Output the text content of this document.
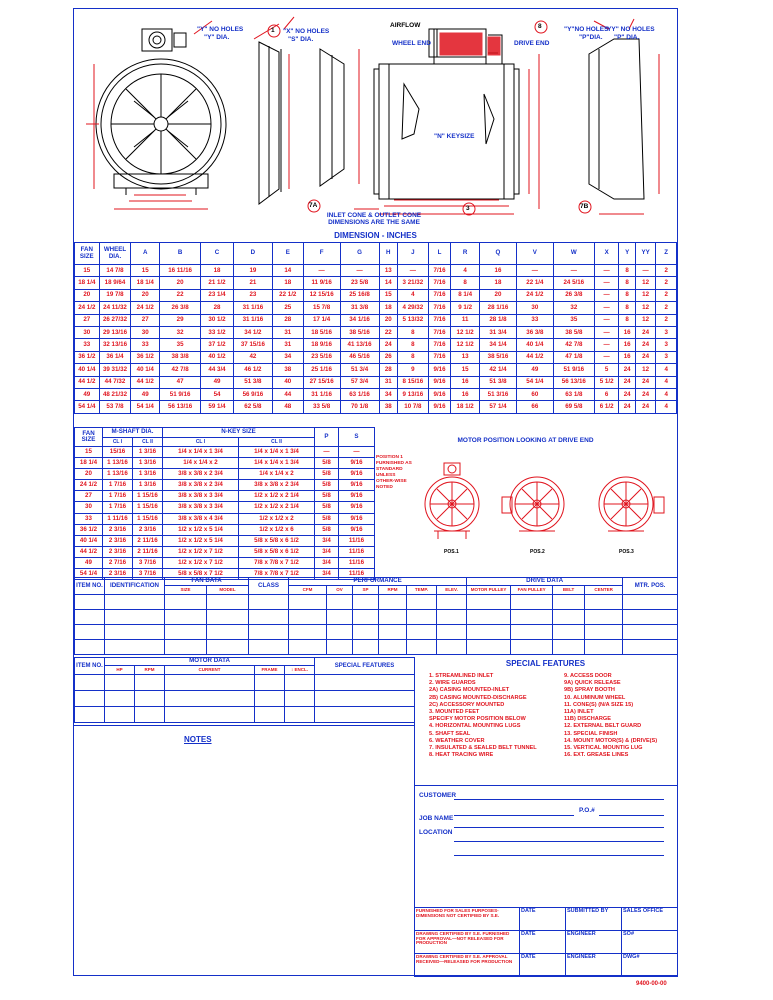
"Y" NO HOLES
"Y" DIA.
"X" NO HOLES
"S" DIA.
AIRFLOW
WHEEL END	DRIVE END
"N" KEYSIZE
INLET CONE & OUTLET CONE DIMENSIONS ARE THE SAME
"Y"NO HOLES
"P"DIA.
"YY" NO HOLES
"P" DIA.
1
8
3
7A	7B
DIMENSION - INCHES
FAN SIZE	WHEEL DIA.	A	B	C	D	E	F	G	H	J	L	R	Q	V	W	X	Y	YY	Z
15	14 7/8	15	16 11/16	18	19	14	—	—	13	—	7/16	4	16	—	—	—	8	—	2
18 1/4	18 9/64	18 1/4	20	21 1/2	21	18	11 9/16	23 5/8	14	3 21/32	7/16	8	18	22 1/4	24 5/16	—	8	12	2
20	19 7/8	20	22	23 1/4	23	22 1/2	12 15/16	25 16/8	15	4	7/16	8 1/4	20	24 1/2	26 3/8	—	8	12	2
24 1/2	24 11/32	24 1/2	26 3/8	28	31 1/16	25	15 7/8	31 3/8	18	4 29/32	7/16	9 1/2	28 1/16	30	32	—	8	12	2
27	26 27/32	27	29	30 1/2	31 1/16	28	17 1/4	34 1/16	20	5 13/32	7/16	11	28 1/8	33	35	—	8	12	2
30	29 13/16	30	32	33 1/2	34 1/2	31	18 5/16	38 5/16	22	8	7/16	12 1/2	31 3/4	36 3/8	38 5/8	—	16	24	3
33	32 13/16	33	35	37 1/2	37 15/16	31	18 9/16	41 13/16	24	8	7/16	12 1/2	34 1/4	40 1/4	42 7/8	—	16	24	3
36 1/2	36 1/4	36 1/2	38 3/8	40 1/2	42	34	23 5/16	46 5/16	26	8	7/16	13	38 5/16	44 1/2	47 1/8	—	16	24	3
40 1/4	39 31/32	40 1/4	42 7/8	44 3/4	46 1/2	38	25 1/16	51 3/4	28	9	9/16	15	42 1/4	49	51 9/16	5	24	12	4
44 1/2	44 7/32	44 1/2	47	49	51 3/8	40	27 15/16	57 3/4	31	8 15/16	9/16	16	51 3/8	54 1/4	56 13/16	5 1/2	24	24	4
49	48 21/32	49	51 9/16	54	56 9/16	44	31 1/16	63 1/16	34	9 13/16	9/16	16	51 3/16	60	63 1/8	6	24	24	4
54 1/4	53 7/8	54 1/4	56 13/16	59 1/4	62 5/8	48	33 5/8	70 1/8	38	10 7/8	9/16	18 1/2	57 1/4	66	69 5/8	6 1/2	24	24	4
FAN SIZE	M-SHAFT DIA.		N-KEY SIZE		P	S
	CL I	CL II	CL I	CL II		
15	15/16	1 3/16	1/4 x 1/4 x 1 3/4	1/4 x 1/4 x 1 3/4	—	—
18 1/4	1 13/16	1 3/16	1/4 x 1/4 x 2	1/4 x 1/4 x 1 3/4	5/8	9/16
20	1 13/16	1 3/16	3/8 x 3/8 x 2 3/4	1/4 x 1/4 x 2	5/8	9/16
24 1/2	1 7/16	1 3/16	3/8 x 3/8 x 2 3/4	3/8 x 3/8 x 2 3/4	5/8	9/16
27	1 7/16	1 15/16	3/8 x 3/8 x 3 3/4	1/2 x 1/2 x 2 1/4	5/8	9/16
30	1 7/16	1 15/16	3/8 x 3/8 x 3 3/4	1/2 x 1/2 x 2 1/4	5/8	9/16
33	1 11/16	1 15/16	3/8 x 3/8 x 4 3/4	1/2 x 1/2 x 2	5/8	9/16
36 1/2	2 3/16	2 3/16	1/2 x 1/2 x 5 1/4	1/2 x 1/2 x 6	5/8	9/16
40 1/4	2 3/16	2 11/16	1/2 x 1/2 x 5 1/4	5/8 x 5/8 x 6 1/2	3/4	11/16
44 1/2	2 3/16	2 11/16	1/2 x 1/2 x 7 1/2	5/8 x 5/8 x 6 1/2	3/4	11/16
49	2 7/16	3 7/16	1/2 x 1/2 x 7 1/2	7/8 x 7/8 x 7 1/2	3/4	11/16
54 1/4	2 3/16	3 7/16	5/8 x 5/8 x 7 1/2	7/8 x 7/8 x 7 1/2	3/4	11/16
MOTOR POSITION LOOKING AT DRIVE END
POSITION 1
FURNISHED AS
STANDARD
UNLESS
OTHER-WISE
NOTED
POS.1	POS.2	POS.3
ITEM NO.	IDENTIFICATION	FAN DATA		CLASS	PERFORMANCE						DRIVE DATA				MTR. POS.
		SIZE	MODEL		CFM	OV	SP	RPM	TEMP.	ELEV.	MOTOR PULLEY	FAN PULLEY	BELT	CENTER	

ITEM NO.	MOTOR DATA					SPECIAL FEATURES
	HP	RPM	CURRENT	FRAME	↕ ENCL.	

NOTES
SPECIAL FEATURES
1. STREAMLINED INLET
2. WIRE GUARDS
2A) CASING MOUNTED-INLET
2B) CASING MOUNTED-DISCHARGE
2C) ACCESSORY MOUNTED
3. MOUNTED FEET
SPECIFY MOTOR POSITION BELOW
4. HORIZONTAL MOUNTING LUGS
5. SHAFT SEAL
6. WEATHER COVER
7. INSULATED & SEALED BELT TUNNEL
8. HEAT TRACING WIRE
9. ACCESS DOOR
9A) QUICK RELEASE
9B) SPRAY BOOTH
10. ALUMINUM WHEEL
11. CONE(S) (N/A SIZE 15)
11A) INLET
11B) DISCHARGE
12. EXTERNAL BELT GUARD
13. SPECIAL FINISH
14. MOUNT MOTOR(S) & (DRIVE(S)
15. VERTICAL MOUNTIG LUG
16. EXT. GREASE LINES
CUSTOMER
P.O.#
JOB NAME
LOCATION
FURNISHED FOR SALES PURPOSES-DIMENSIONS NOT CERTIFIED BY S.E.	DATE	SUBMITTED BY	SALES OFFICE
DRAWING CERTIFIED BY S.E. FURNISHED FOR APPROVAL—NOT RELEASED FOR PRODUCTION	DATE	ENGINEER	SO#
DRAWING CERTIFIED BY S.E. APPROVAL RECEIVED—RELEASED FOR PRODUCTION	DATE	ENGINEER	DWG#
9400-00-00
